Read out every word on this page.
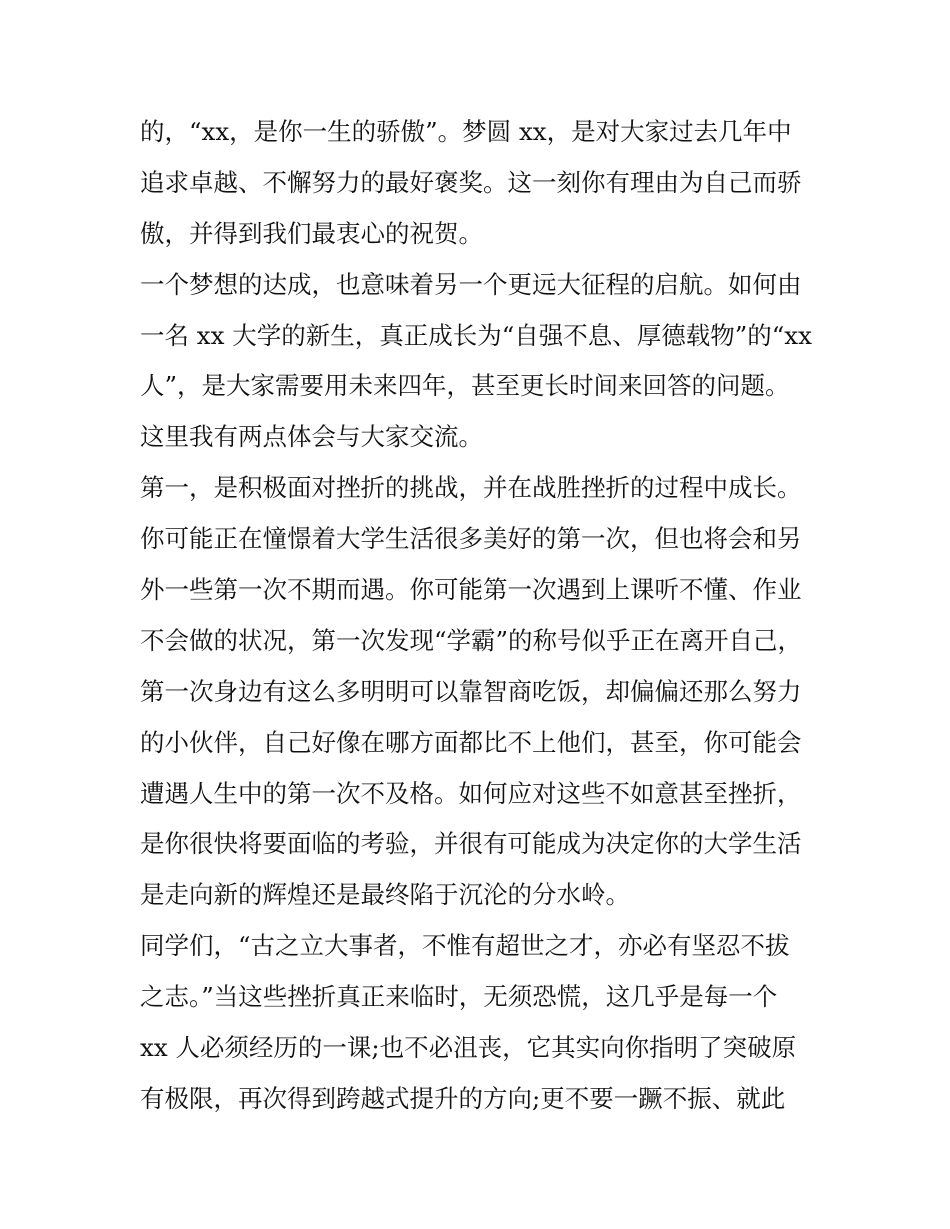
的，“xx，是你一生的骄傲”。梦圆 xx，是对大家过去几年中
追求卓越、不懈努力的最好褒奖。这一刻你有理由为自己而骄
傲，并得到我们最衷心的祝贺。
一个梦想的达成，也意味着另一个更远大征程的启航。如何由
一名 xx 大学的新生，真正成长为“自强不息、厚德载物”的“xx
人”，是大家需要用未来四年，甚至更长时间来回答的问题。
这里我有两点体会与大家交流。
第一，是积极面对挫折的挑战，并在战胜挫折的过程中成长。
你可能正在憧憬着大学生活很多美好的第一次，但也将会和另
外一些第一次不期而遇。你可能第一次遇到上课听不懂、作业
不会做的状况，第一次发现“学霸”的称号似乎正在离开自己，
第一次身边有这么多明明可以靠智商吃饭，却偏偏还那么努力
的小伙伴，自己好像在哪方面都比不上他们，甚至，你可能会
遭遇人生中的第一次不及格。如何应对这些不如意甚至挫折，
是你很快将要面临的考验，并很有可能成为决定你的大学生活
是走向新的辉煌还是最终陷于沉沦的分水岭。
同学们，“古之立大事者，不惟有超世之才，亦必有坚忍不拔
之志。”当这些挫折真正来临时，无须恐慌，这几乎是每一个
xx 人必须经历的一课;也不必沮丧，它其实向你指明了突破原
有极限，再次得到跨越式提升的方向;更不要一蹶不振、就此
